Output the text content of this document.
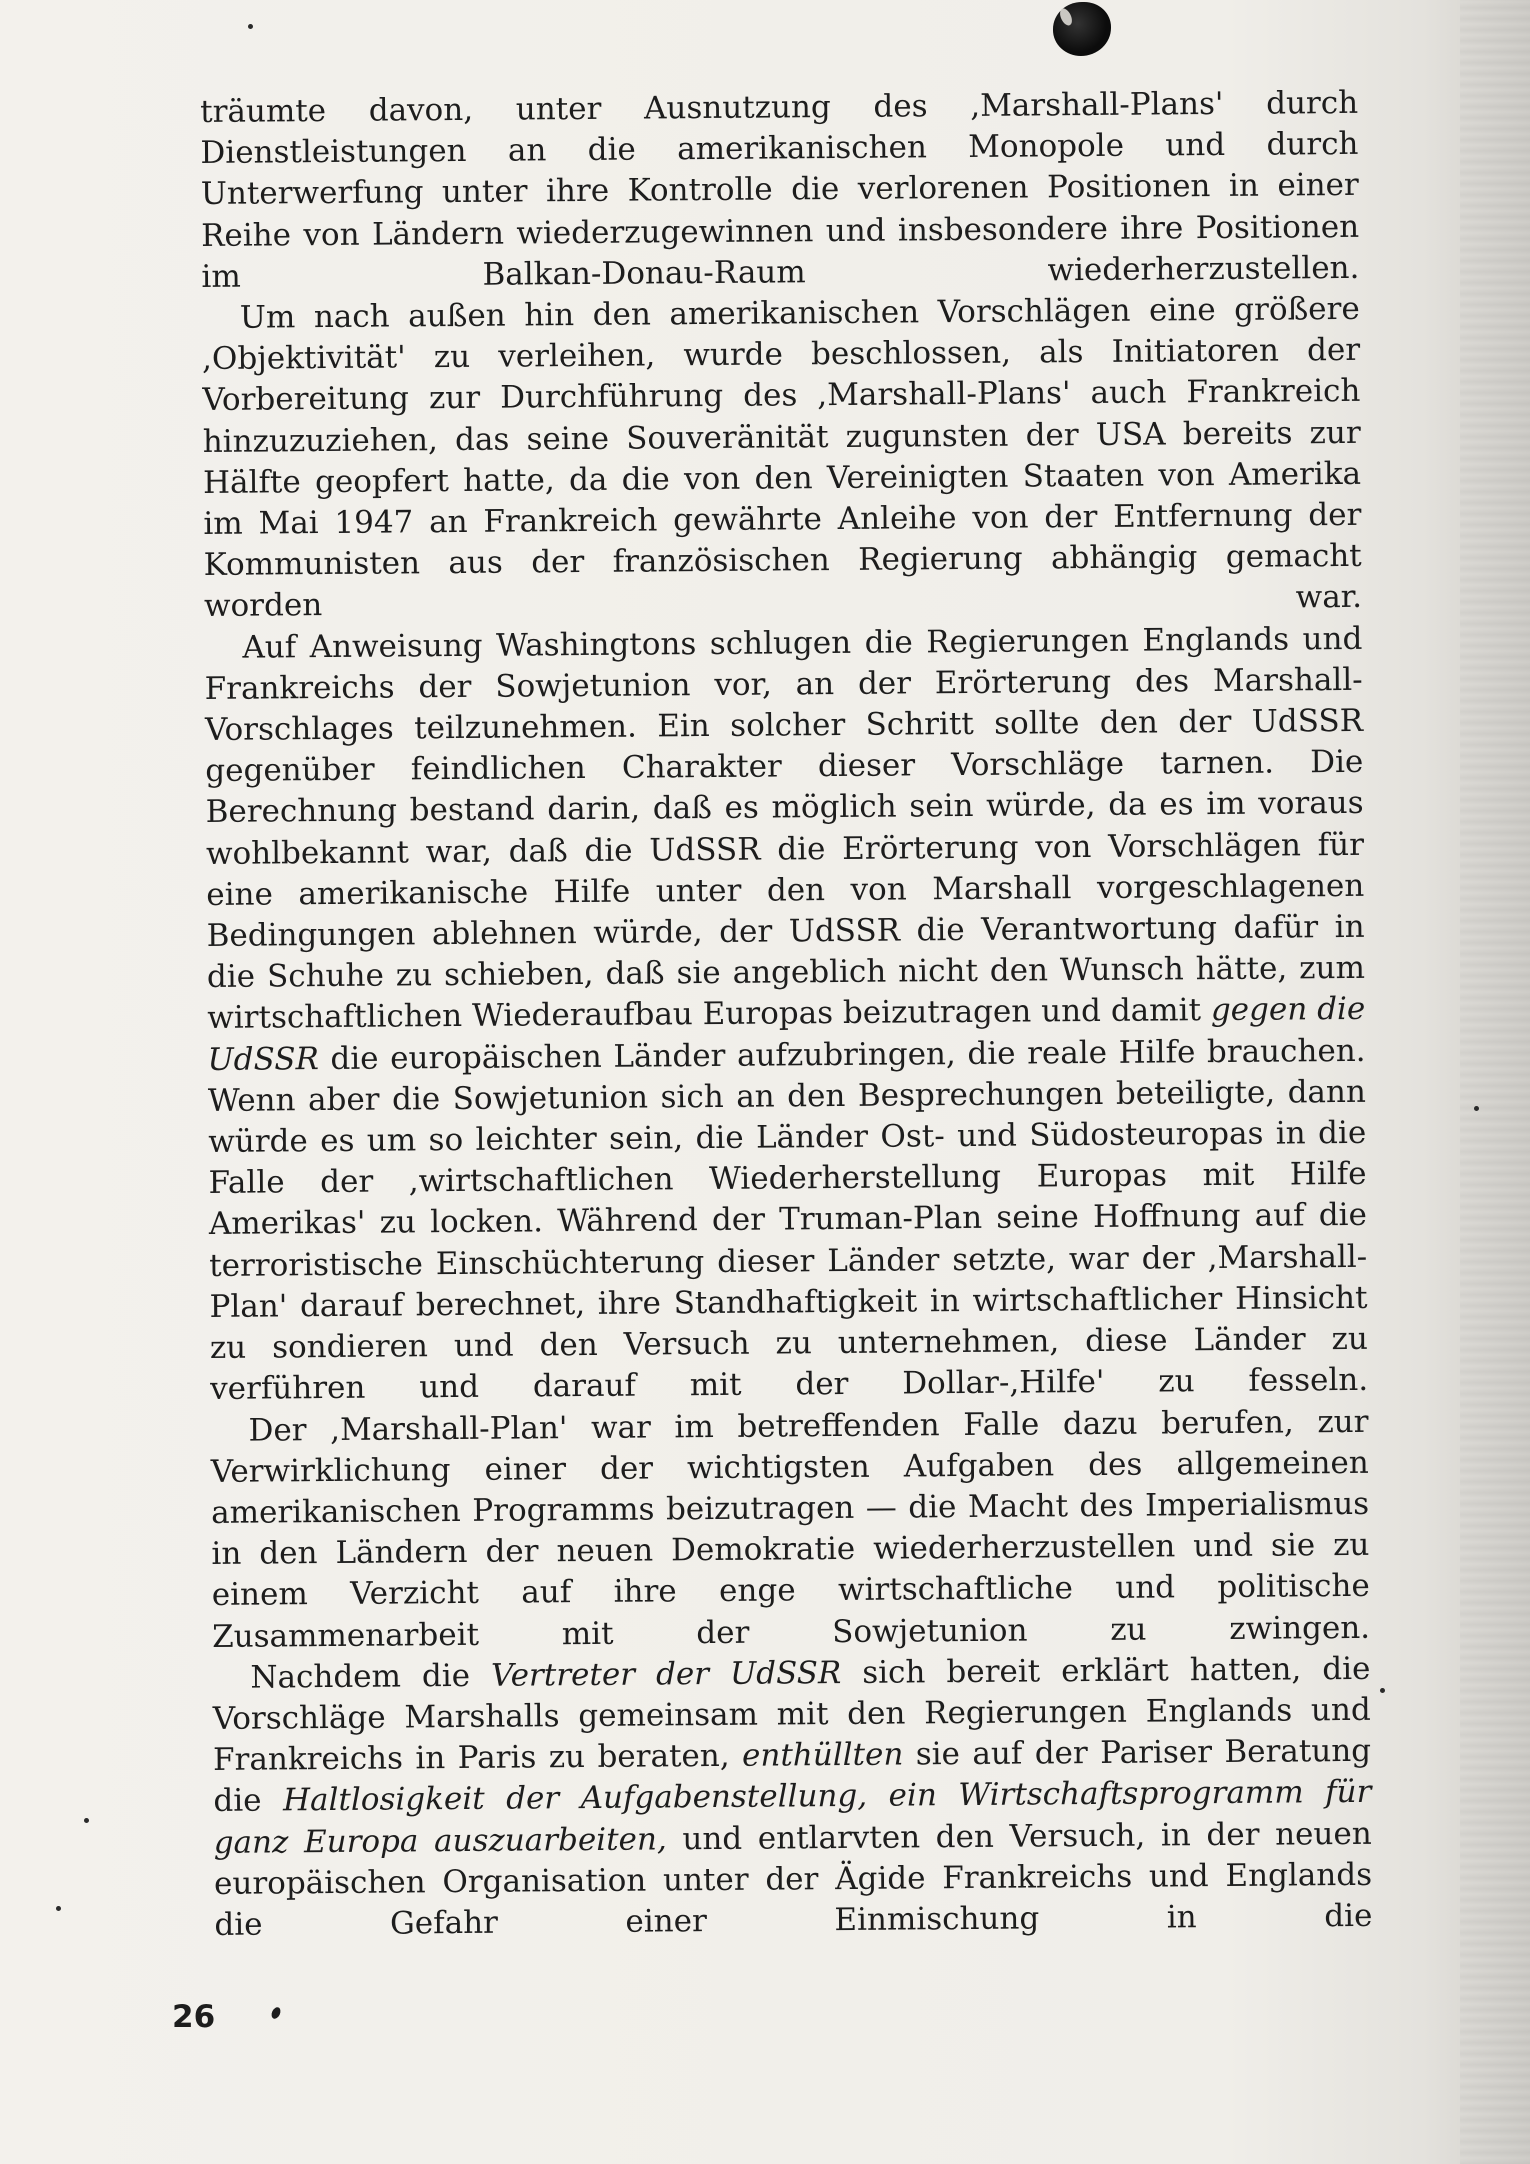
träumte davon, unter Ausnutzung des ,Marshall-Plans' durch Dienstleistungen an die amerikanischen Monopole und durch Unterwerfung unter ihre Kontrolle die verlorenen Positionen in einer Reihe von Ländern wiederzugewinnen und insbesondere ihre Positionen im Balkan-Donau-Raum wiederherzustellen.

Um nach außen hin den amerikanischen Vorschlägen eine größere ,Objektivität' zu verleihen, wurde beschlossen, als Initiatoren der Vorbereitung zur Durchführung des ,Marshall-Plans' auch Frankreich hinzuzuziehen, das seine Souveränität zugunsten der USA bereits zur Hälfte geopfert hatte, da die von den Vereinigten Staaten von Amerika im Mai 1947 an Frankreich gewährte Anleihe von der Entfernung der Kommunisten aus der französischen Regierung abhängig gemacht worden war.

Auf Anweisung Washingtons schlugen die Regierungen Englands und Frankreichs der Sowjetunion vor, an der Erörterung des Marshall-Vorschlages teilzunehmen. Ein solcher Schritt sollte den der UdSSR gegenüber feindlichen Charakter dieser Vorschläge tarnen. Die Berechnung bestand darin, daß es möglich sein würde, da es im voraus wohlbekannt war, daß die UdSSR die Erörterung von Vorschlägen für eine amerikanische Hilfe unter den von Marshall vorgeschlagenen Bedingungen ablehnen würde, der UdSSR die Verantwortung dafür in die Schuhe zu schieben, daß sie angeblich nicht den Wunsch hätte, zum wirtschaftlichen Wiederaufbau Europas beizutragen und damit gegen die UdSSR die europäischen Länder aufzubringen, die reale Hilfe brauchen. Wenn aber die Sowjetunion sich an den Besprechungen beteiligte, dann würde es um so leichter sein, die Länder Ost- und Südosteuropas in die Falle der ,wirtschaftlichen Wiederherstellung Europas mit Hilfe Amerikas' zu locken. Während der Truman-Plan seine Hoffnung auf die terroristische Einschüchterung dieser Länder setzte, war der ,Marshall-Plan' darauf berechnet, ihre Standhaftigkeit in wirtschaftlicher Hinsicht zu sondieren und den Versuch zu unternehmen, diese Länder zu verführen und darauf mit der Dollar-,Hilfe' zu fesseln.

Der ,Marshall-Plan' war im betreffenden Falle dazu berufen, zur Verwirklichung einer der wichtigsten Aufgaben des allgemeinen amerikanischen Programms beizutragen — die Macht des Imperialismus in den Ländern der neuen Demokratie wiederherzustellen und sie zu einem Verzicht auf ihre enge wirtschaftliche und politische Zusammenarbeit mit der Sowjetunion zu zwingen.

Nachdem die Vertreter der UdSSR sich bereit erklärt hatten, die Vorschläge Marshalls gemeinsam mit den Regierungen Englands und Frankreichs in Paris zu beraten, enthüllten sie auf der Pariser Beratung die Haltlosigkeit der Aufgabenstellung, ein Wirtschaftsprogramm für ganz Europa auszuarbeiten, und entlarvten den Versuch, in der neuen europäischen Organisation unter der Ägide Frankreichs und Englands die Gefahr einer Einmischung in die

26
